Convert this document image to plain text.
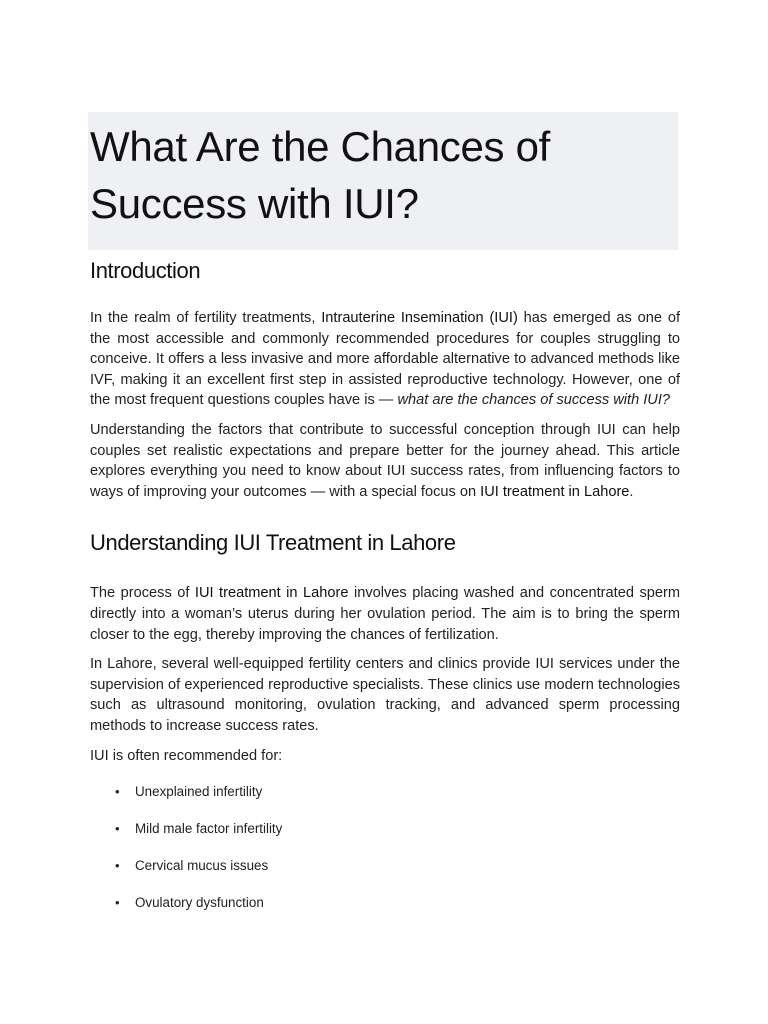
What Are the Chances of Success with IUI?
Introduction

In the realm of fertility treatments, Intrauterine Insemination (IUI) has emerged as one of the most accessible and commonly recommended procedures for couples struggling to conceive. It offers a less invasive and more affordable alternative to advanced methods like IVF, making it an excellent first step in assisted reproductive technology. However, one of the most frequent questions couples have is — what are the chances of success with IUI?

Understanding the factors that contribute to successful conception through IUI can help couples set realistic expectations and prepare better for the journey ahead. This article explores everything you need to know about IUI success rates, from influencing factors to ways of improving your outcomes — with a special focus on IUI treatment in Lahore.

Understanding IUI Treatment in Lahore

The process of IUI treatment in Lahore involves placing washed and concentrated sperm directly into a woman’s uterus during her ovulation period. The aim is to bring the sperm closer to the egg, thereby improving the chances of fertilization.

In Lahore, several well-equipped fertility centers and clinics provide IUI services under the supervision of experienced reproductive specialists. These clinics use modern technologies such as ultrasound monitoring, ovulation tracking, and advanced sperm processing methods to increase success rates.

IUI is often recommended for:

• Unexplained infertility
• Mild male factor infertility
• Cervical mucus issues
• Ovulatory dysfunction
